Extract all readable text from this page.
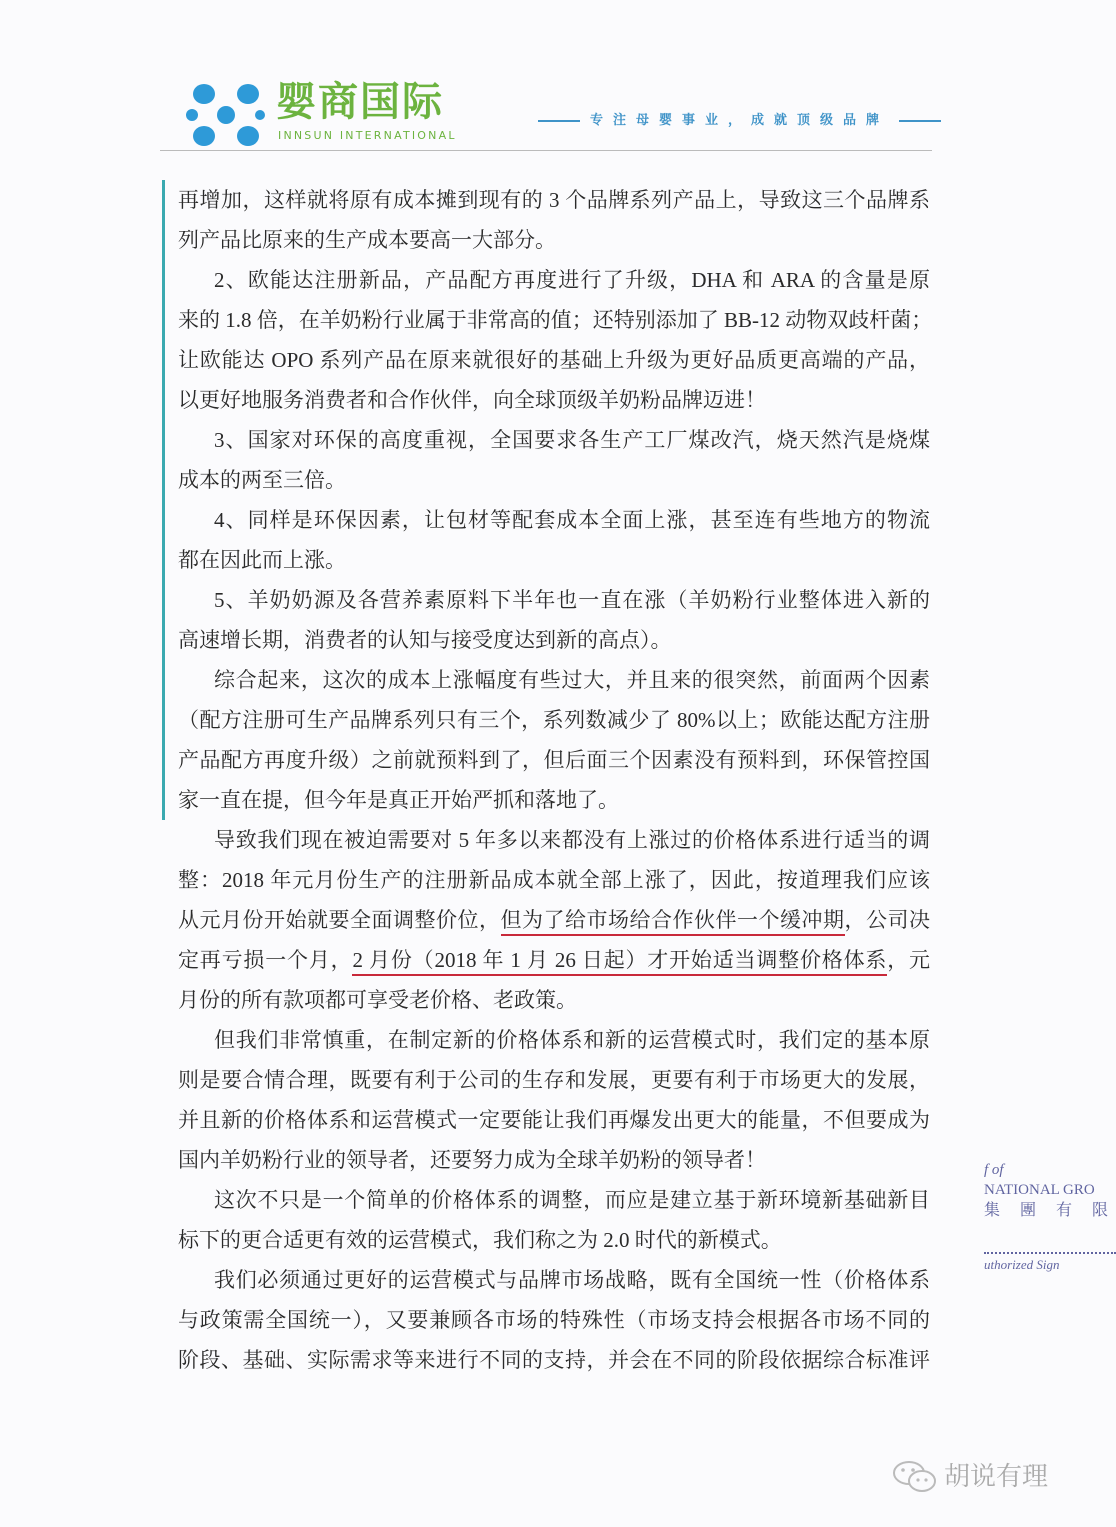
婴商国际
INNSUN INTERNATIONAL
专注母婴事业，成就顶级品牌
再增加，这样就将原有成本摊到现有的 3 个品牌系列产品上，导致这三个品牌系
列产品比原来的生产成本要高一大部分。
2、欧能达注册新品，产品配方再度进行了升级，DHA 和 ARA 的含量是原
来的 1.8 倍，在羊奶粉行业属于非常高的值；还特别添加了 BB-12 动物双歧杆菌；
让欧能达 OPO 系列产品在原来就很好的基础上升级为更好品质更高端的产品，
以更好地服务消费者和合作伙伴，向全球顶级羊奶粉品牌迈进！
3、国家对环保的高度重视，全国要求各生产工厂煤改汽，烧天然汽是烧煤
成本的两至三倍。
4、同样是环保因素，让包材等配套成本全面上涨，甚至连有些地方的物流
都在因此而上涨。
5、羊奶奶源及各营养素原料下半年也一直在涨（羊奶粉行业整体进入新的
高速增长期，消费者的认知与接受度达到新的高点）。
综合起来，这次的成本上涨幅度有些过大，并且来的很突然，前面两个因素
（配方注册可生产品牌系列只有三个，系列数减少了 80%以上；欧能达配方注册
产品配方再度升级）之前就预料到了，但后面三个因素没有预料到，环保管控国
家一直在提，但今年是真正开始严抓和落地了。
导致我们现在被迫需要对 5 年多以来都没有上涨过的价格体系进行适当的调
整：2018 年元月份生产的注册新品成本就全部上涨了，因此，按道理我们应该
从元月份开始就要全面调整价位，但为了给市场给合作伙伴一个缓冲期，公司决
定再亏损一个月，2 月份（2018 年 1 月 26 日起）才开始适当调整价格体系，元
月份的所有款项都可享受老价格、老政策。
但我们非常慎重，在制定新的价格体系和新的运营模式时，我们定的基本原
则是要合情合理，既要有利于公司的生存和发展，更要有利于市场更大的发展，
并且新的价格体系和运营模式一定要能让我们再爆发出更大的能量，不但要成为
国内羊奶粉行业的领导者，还要努力成为全球羊奶粉的领导者！
这次不只是一个简单的价格体系的调整，而应是建立基于新环境新基础新目
标下的更合适更有效的运营模式，我们称之为 2.0 时代的新模式。
我们必须通过更好的运营模式与品牌市场战略，既有全国统一性（价格体系
与政策需全国统一），又要兼顾各市场的特殊性（市场支持会根据各市场不同的
阶段、基础、实际需求等来进行不同的支持，并会在不同的阶段依据综合标准评
f of
NATIONAL GRO
集 團 有 限
uthorized Sign
胡说有理
